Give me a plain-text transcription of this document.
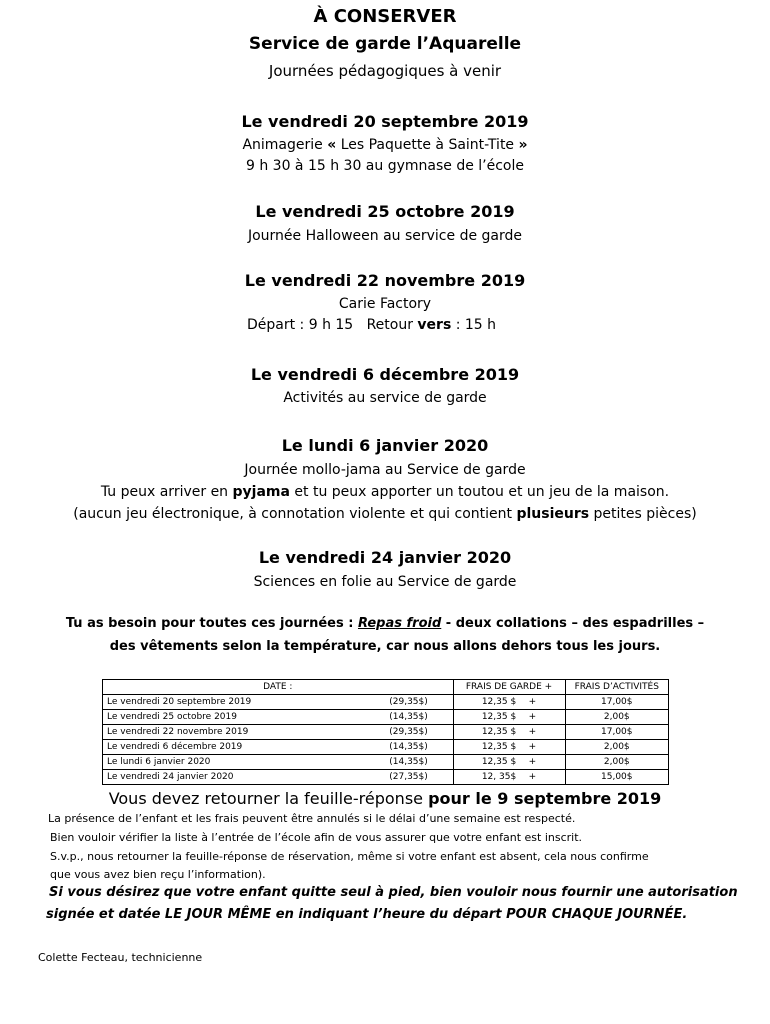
À CONSERVER
Service de garde l’Aquarelle
Journées pédagogiques à venir
Le vendredi 20 septembre 2019
Animagerie « Les Paquette à Saint-Tite »
9 h 30 à 15 h 30 au gymnase de l’école
Le vendredi 25 octobre 2019
Journée Halloween au service de garde
Le vendredi 22 novembre 2019
Carie Factory
Départ : 9 h 15   Retour vers : 15 h
Le vendredi 6 décembre 2019
Activités au service de garde
Le lundi 6 janvier 2020
Journée mollo-jama au Service de garde
Tu peux arriver en pyjama et tu peux apporter un toutou et un jeu de la maison.
(aucun jeu électronique, à connotation violente et qui contient plusieurs petites pièces)
Le vendredi 24 janvier 2020
Sciences en folie au Service de garde
Tu as besoin pour toutes ces journées : Repas froid - deux collations – des espadrilles –
des vêtements selon la température, car nous allons dehors tous les jours.
DATE :		FRAIS DE GARDE +	FRAIS D’ACTIVITÉS
Le vendredi 20 septembre 2019	(29,35$)	12,35 $ +	17,00$
Le vendredi 25 octobre 2019	(14,35$)	12,35 $ +	2,00$
Le vendredi 22 novembre 2019	(29,35$)	12,35 $ +	17,00$
Le vendredi 6 décembre 2019	(14,35$)	12,35 $ +	2,00$
Le lundi 6 janvier 2020	(14,35$)	12,35 $ +	2,00$
Le vendredi 24 janvier 2020	(27,35$)	12, 35$ +	15,00$
Vous devez retourner la feuille-réponse pour le 9 septembre 2019
La présence de l’enfant et les frais peuvent être annulés si le délai d’une semaine est respecté.
Bien vouloir vérifier la liste à l’entrée de l’école afin de vous assurer que votre enfant est inscrit.
S.v.p., nous retourner la feuille-réponse de réservation, même si votre enfant est absent, cela nous confirme
que vous avez bien reçu l’information).
Si vous désirez que votre enfant quitte seul à pied, bien vouloir nous fournir une autorisation
signée et datée LE JOUR MÊME en indiquant l’heure du départ POUR CHAQUE JOURNÉE.
Colette Fecteau, technicienne
